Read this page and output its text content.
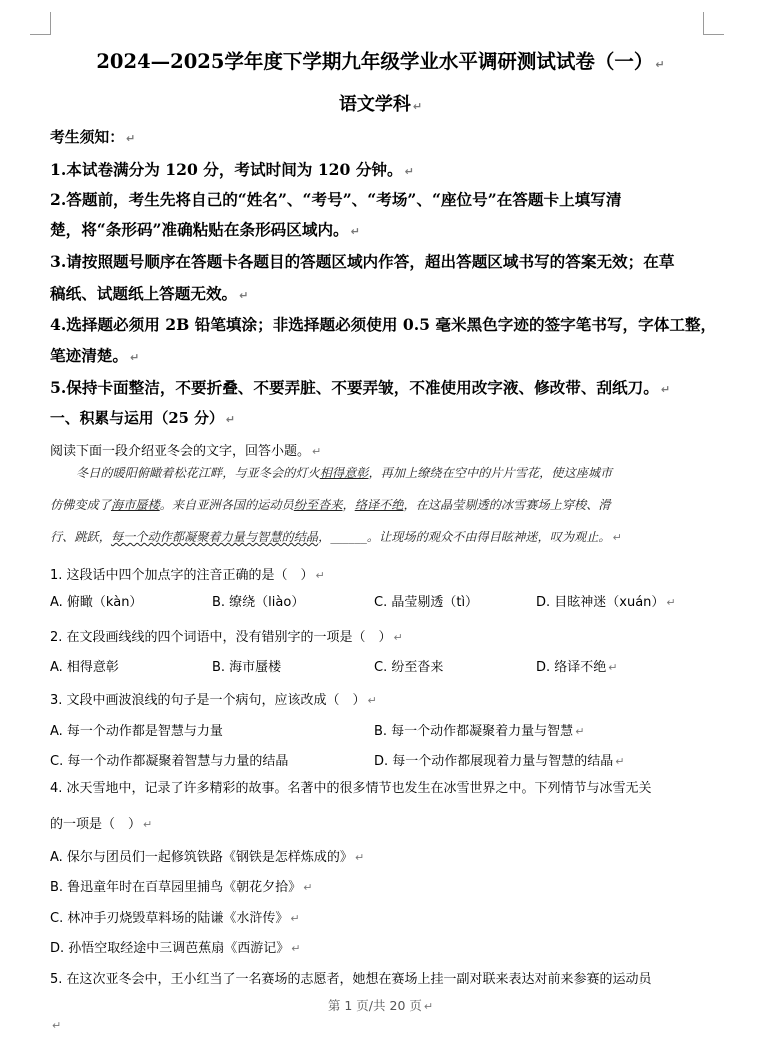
2024—2025学年度下学期九年级学业水平调研测试试卷（一） ↵
语文学科 ↵
考生须知： ↵
1.本试卷满分为 120 分，考试时间为 120 分钟。 ↵
2.答题前，考生先将自己的“姓名”、“考号”、“考场”、“座位号”在答题卡上填写清
楚，将“条形码”准确粘贴在条形码区域内。 ↵
3.请按照题号顺序在答题卡各题目的答题区域内作答，超出答题区域书写的答案无效；在草
稿纸、试题纸上答题无效。 ↵
4.选择题必须用 2B 铅笔填涂；非选择题必须使用 0.5 毫米黑色字迹的签字笔书写，字体工整，
笔迹清楚。 ↵
5.保持卡面整洁，不要折叠、不要弄脏、不要弄皱，不准使用改字液、修改带、刮纸刀。 ↵
一、积累与运用（25 分） ↵
阅读下面一段介绍亚冬会的文字，回答小题。 ↵
冬日的暖阳俯瞰着松花江畔，与亚冬会的灯火相得意彰，再加上缭绕在空中的片片雪花，使这座城市
仿佛变成了海市蜃楼。来自亚洲各国的运动员纷至沓来，络译不绝，在这晶莹剔透的冰雪赛场上穿梭、滑
行、跳跃，每一个动作都凝聚着力量与智慧的结晶，______。让现场的观众不由得目眩神迷，叹为观止。 ↵
1. 这段话中四个加点字的注音正确的是（　） ↵
A. 俯瞰（kàn）	B. 缭绕（liào）	C. 晶莹剔透（tì）	D. 目眩神迷（xuán） ↵
2. 在文段画线线的四个词语中，没有错别字的一项是（　） ↵
A. 相得意彰	B. 海市蜃楼	C. 纷至沓来	D. 络译不绝 ↵
3. 文段中画波浪线的句子是一个病句，应该改成（　） ↵
A. 每一个动作都是智慧与力量	B. 每一个动作都凝聚着力量与智慧 ↵
C. 每一个动作都凝聚着智慧与力量的结晶	D. 每一个动作都展现着力量与智慧的结晶 ↵
4. 冰天雪地中，记录了许多精彩的故事。名著中的很多情节也发生在冰雪世界之中。下列情节与冰雪无关
的一项是（　） ↵
A. 保尔与团员们一起修筑铁路《钢铁是怎样炼成的》 ↵
B. 鲁迅童年时在百草园里捕鸟《朝花夕拾》 ↵
C. 林冲手刃烧毁草料场的陆谦《水浒传》 ↵
D. 孙悟空取经途中三调芭蕉扇《西游记》 ↵
5. 在这次亚冬会中，王小红当了一名赛场的志愿者，她想在赛场上挂一副对联来表达对前来参赛的运动员
第 1 页/共 20 页 ↵
↵
